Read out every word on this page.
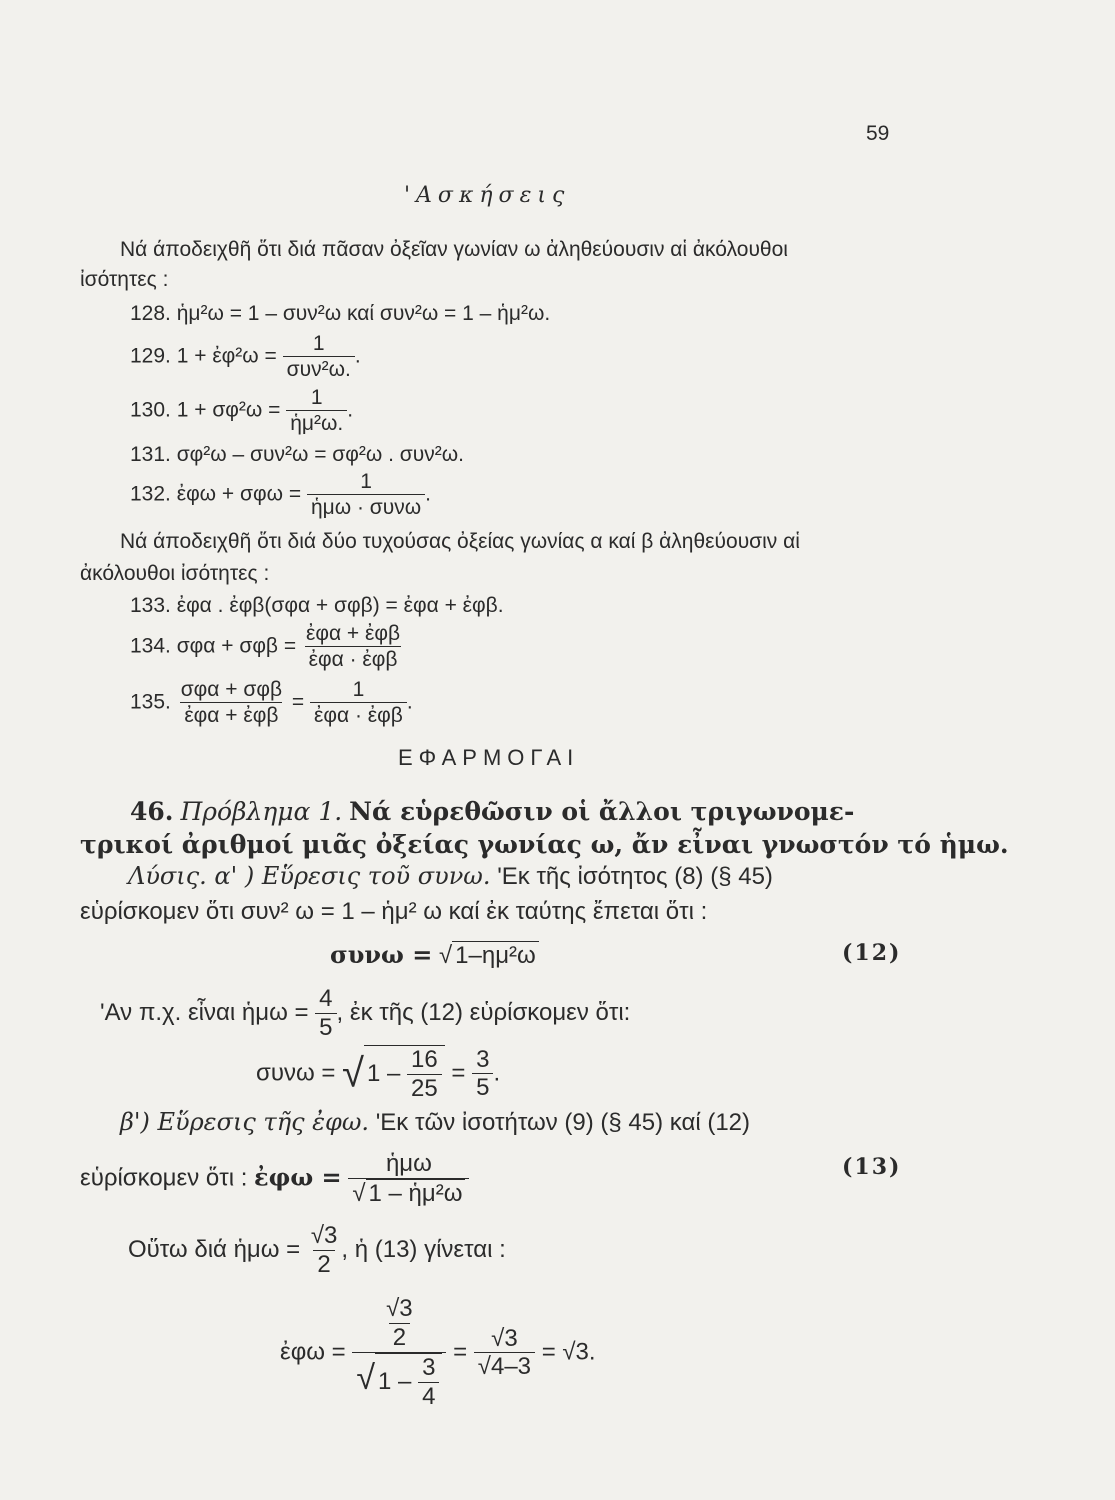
59
'Ασκήσεις
Νά άποδειχθῆ ὅτι διά πᾶσαν ὀξεῖαν γωνίαν ω ἀληθεύουσιν αἱ ἀκόλουθοι
ἰσότητες :
128. ἡμ²ω = 1 – συν²ω καί συν²ω = 1 – ἡμ²ω.
129. 1 + ἐφ²ω = $\frac{1}{\text{συν²ω.}}$ .
130. $1 + \sigma\varphi^2\omega = \frac{1}{\text{ἡμ²ω.}}$ .
131. σφ²ω – συν²ω = σφ²ω . συν²ω.
132. ἐφω + $\sigma\varphi\omega = \frac{1}{\text{ἡμω · συνω}}$ .
Νά άποδειχθῆ ὅτι διά δύο τυχούσας ὀξείας γωνίας α καί β ἀληθεύουσιν αἱ
ἀκόλουθοι ἰσότητες :
133. ἐφα . ἐφβ(σφα + σφβ) = ἐφα + ἐφβ.
134. $\sigma\varphi\alpha + \sigma\varphi\beta = \frac{\text{ἐφα + ἐφβ}}{\text{ἐφα · ἐφβ}}$
135. $\frac{\text{σφα + σφβ}}{\text{ἐφα + ἐφβ}} = \frac{1}{\text{ἐφα · ἐφβ}}$ .
ΕΦΑΡΜΟΓΑΙ
46. Πρόβλημα 1. Νά εὑρεθῶσιν οἱ ἄλλοι τριγωνομε-
τρικοί ἀριθμοί μιᾶς ὀξείας γωνίας ω, ἄν εἶναι γνωστόν τό ἡμω.
Λύσις. α' ) Εὕρεσις τοῦ συνω. 'Εκ τῆς ἰσότητος (8) (§ 45)
εὑρίσκομεν ὅτι συν² ω = 1 – ἡμ² ω καί ἐκ ταύτης ἔπεται ὅτι :
συνω = √ 1–ημ²ω	(12)
'Αν π.χ. εἶναι ἡμω = $\frac{4}{5}$ , ἐκ τῆς (12) εὑρίσκομεν ὅτι:
συνω = √ $1 - \frac{16}{25} = \frac{3}{5}$ .
β') Εὕρεσις τῆς ἐφω. 'Εκ τῶν ἰσοτήτων (9) (§ 45) καί (12)
εὑρίσκομεν ὅτι : ἐφω = $\frac{\text{ἡμω}}{\text{√ 1 – ἡμ²ω}}$	(13)
Οὕτω διά ἡμω = $\frac{√3}{2}$ , ἡ (13) γίνεται :
ἐφω = $\frac{\frac{√3}{2}}{√ 1 - \frac{3}{4}} = \frac{√3}{√4-3} = √3$.
